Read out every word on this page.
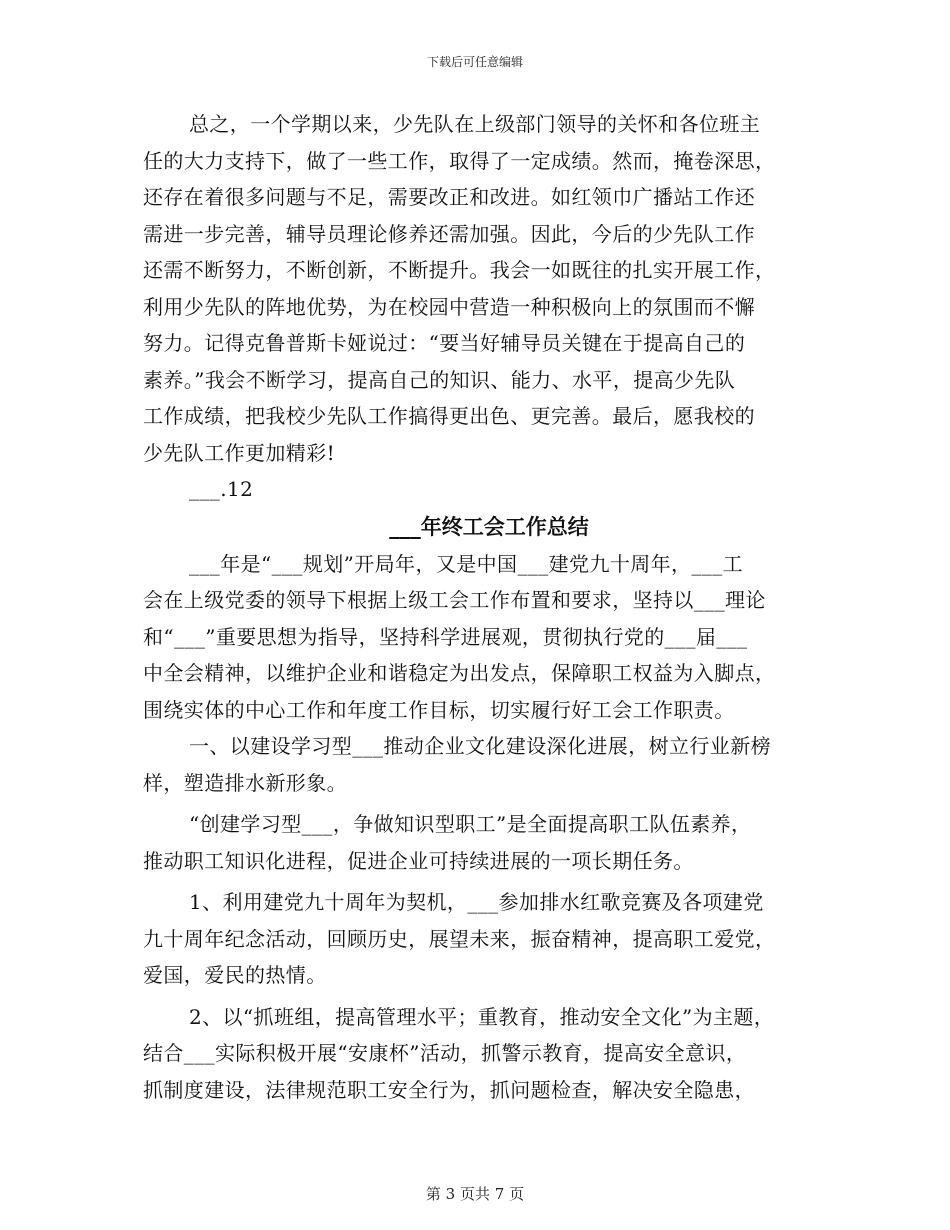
下载后可任意编辑
总之，一个学期以来，少先队在上级部门领导的关怀和各位班主
任的大力支持下，做了一些工作，取得了一定成绩。然而，掩卷深思，
还存在着很多问题与不足，需要改正和改进。如红领巾广播站工作还
需进一步完善，辅导员理论修养还需加强。因此，今后的少先队工作
还需不断努力，不断创新，不断提升。我会一如既往的扎实开展工作，
利用少先队的阵地优势，为在校园中营造一种积极向上的氛围而不懈
努力。记得克鲁普斯卡娅说过：“要当好辅导员关键在于提高自己的
素养。”我会不断学习，提高自己的知识、能力、水平，提高少先队
工作成绩，把我校少先队工作搞得更出色、更完善。最后，愿我校的
少先队工作更加精彩!
___.12
___年终工会工作总结
___年是“___规划”开局年，又是中国___建党九十周年，___工
会在上级党委的领导下根据上级工会工作布置和要求，坚持以___理论
和“___”重要思想为指导，坚持科学进展观，贯彻执行党的___届___
中全会精神，以维护企业和谐稳定为出发点，保障职工权益为入脚点，
围绕实体的中心工作和年度工作目标，切实履行好工会工作职责。
一、以建设学习型___推动企业文化建设深化进展，树立行业新榜
样，塑造排水新形象。
“创建学习型___，争做知识型职工”是全面提高职工队伍素养，
推动职工知识化进程，促进企业可持续进展的一项长期任务。
1、利用建党九十周年为契机，___参加排水红歌竞赛及各项建党
九十周年纪念活动，回顾历史，展望未来，振奋精神，提高职工爱党，
爱国，爱民的热情。
2、以“抓班组，提高管理水平；重教育，推动安全文化”为主题，
结合___实际积极开展“安康杯”活动，抓警示教育，提高安全意识，
抓制度建设，法律规范职工安全行为，抓问题检查，解决安全隐患，
第 3 页共 7 页
